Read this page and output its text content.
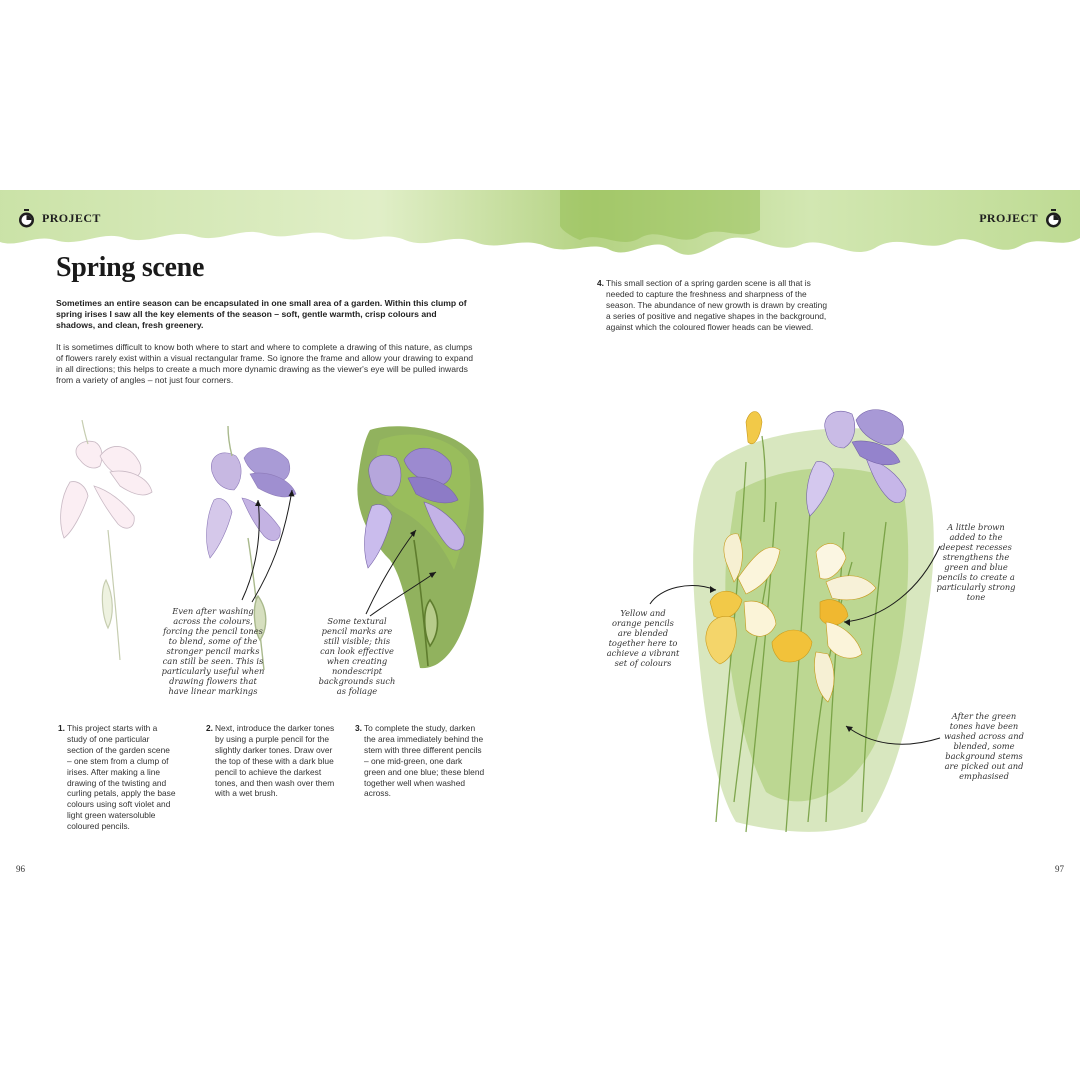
PROJECT	PROJECT
Spring scene

Sometimes an entire season can be encapsulated in one small area of a garden. Within this clump of spring irises I saw all the key elements of the season – soft, gentle warmth, crisp colours and shadows, and clean, fresh greenery.

It is sometimes difficult to know both where to start and where to complete a drawing of this nature, as clumps of flowers rarely exist within a visual rectangular frame. So ignore the frame and allow your drawing to expand in all directions; this helps to create a much more dynamic drawing as the viewer's eye will be pulled inwards from a variety of angles – not just four corners.

Even after washing across the colours, forcing the pencil tones to blend, some of the stronger pencil marks can still be seen. This is particularly useful when drawing flowers that have linear markings

Some textural pencil marks are still visible; this can look effective when creating nondescript backgrounds such as foliage

1. This project starts with a study of one particular section of the garden scene – one stem from a clump of irises. After making a line drawing of the twisting and curling petals, apply the base colours using soft violet and light green watersoluble coloured pencils.
2. Next, introduce the darker tones by using a purple pencil for the slightly darker tones. Draw over the top of these with a dark blue pencil to achieve the darkest tones, and then wash over them with a wet brush.
3. To complete the study, darken the area immediately behind the stem with three different pencils – one mid-green, one dark green and one blue; these blend together well when washed across.
4. This small section of a spring garden scene is all that is needed to capture the freshness and sharpness of the season. The abundance of new growth is drawn by creating a series of positive and negative shapes in the background, against which the coloured flower heads can be viewed.

Yellow and orange pencils are blended together here to achieve a vibrant set of colours

A little brown added to the deepest recesses strengthens the green and blue pencils to create a particularly strong tone

After the green tones have been washed across and blended, some background stems are picked out and emphasised

96	97
